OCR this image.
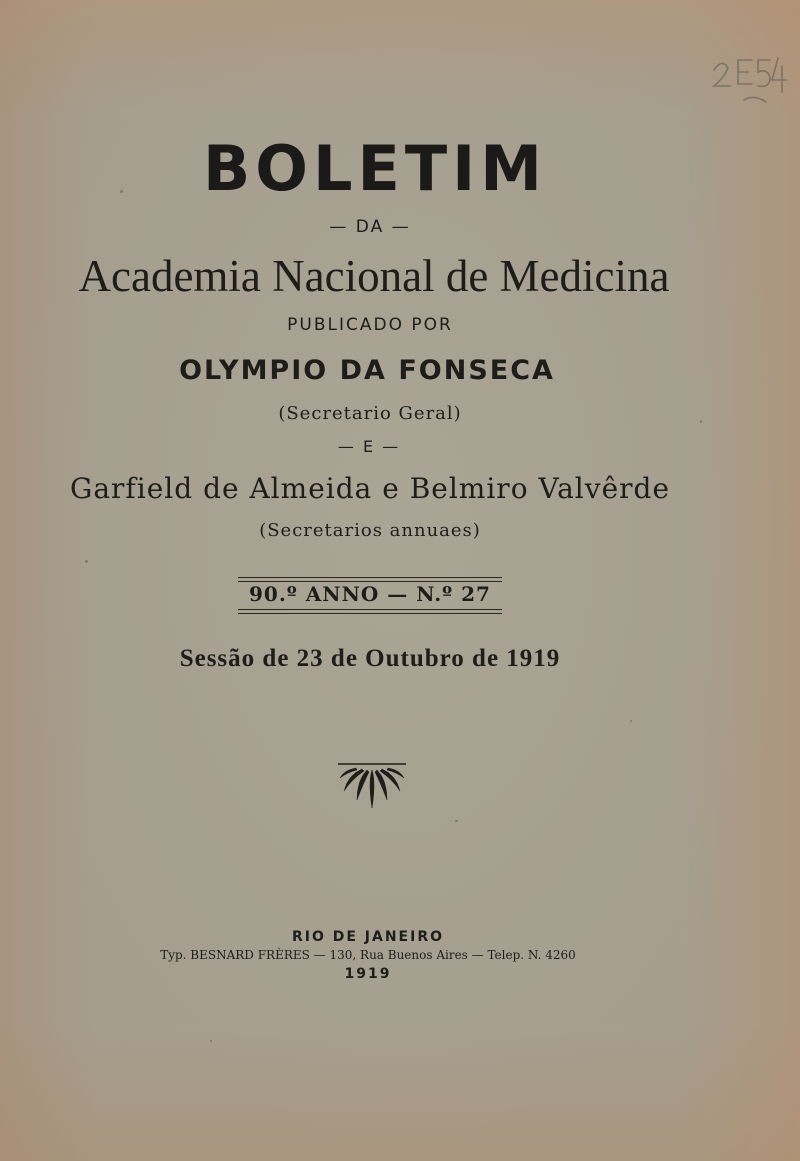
BOLETIM
— DA —
Academia Nacional de Medicina
PUBLICADO POR
OLYMPIO DA FONSECA
(Secretario Geral)
— E —
Garfield de Almeida e Belmiro Valvêrde
(Secretarios annuaes)
90.º ANNO — N.º 27
Sessão de 23 de Outubro de 1919
RIO DE JANEIRO
Typ. BESNARD FRÈRES — 130, Rua Buenos Aires — Telep. N. 4260
1919
